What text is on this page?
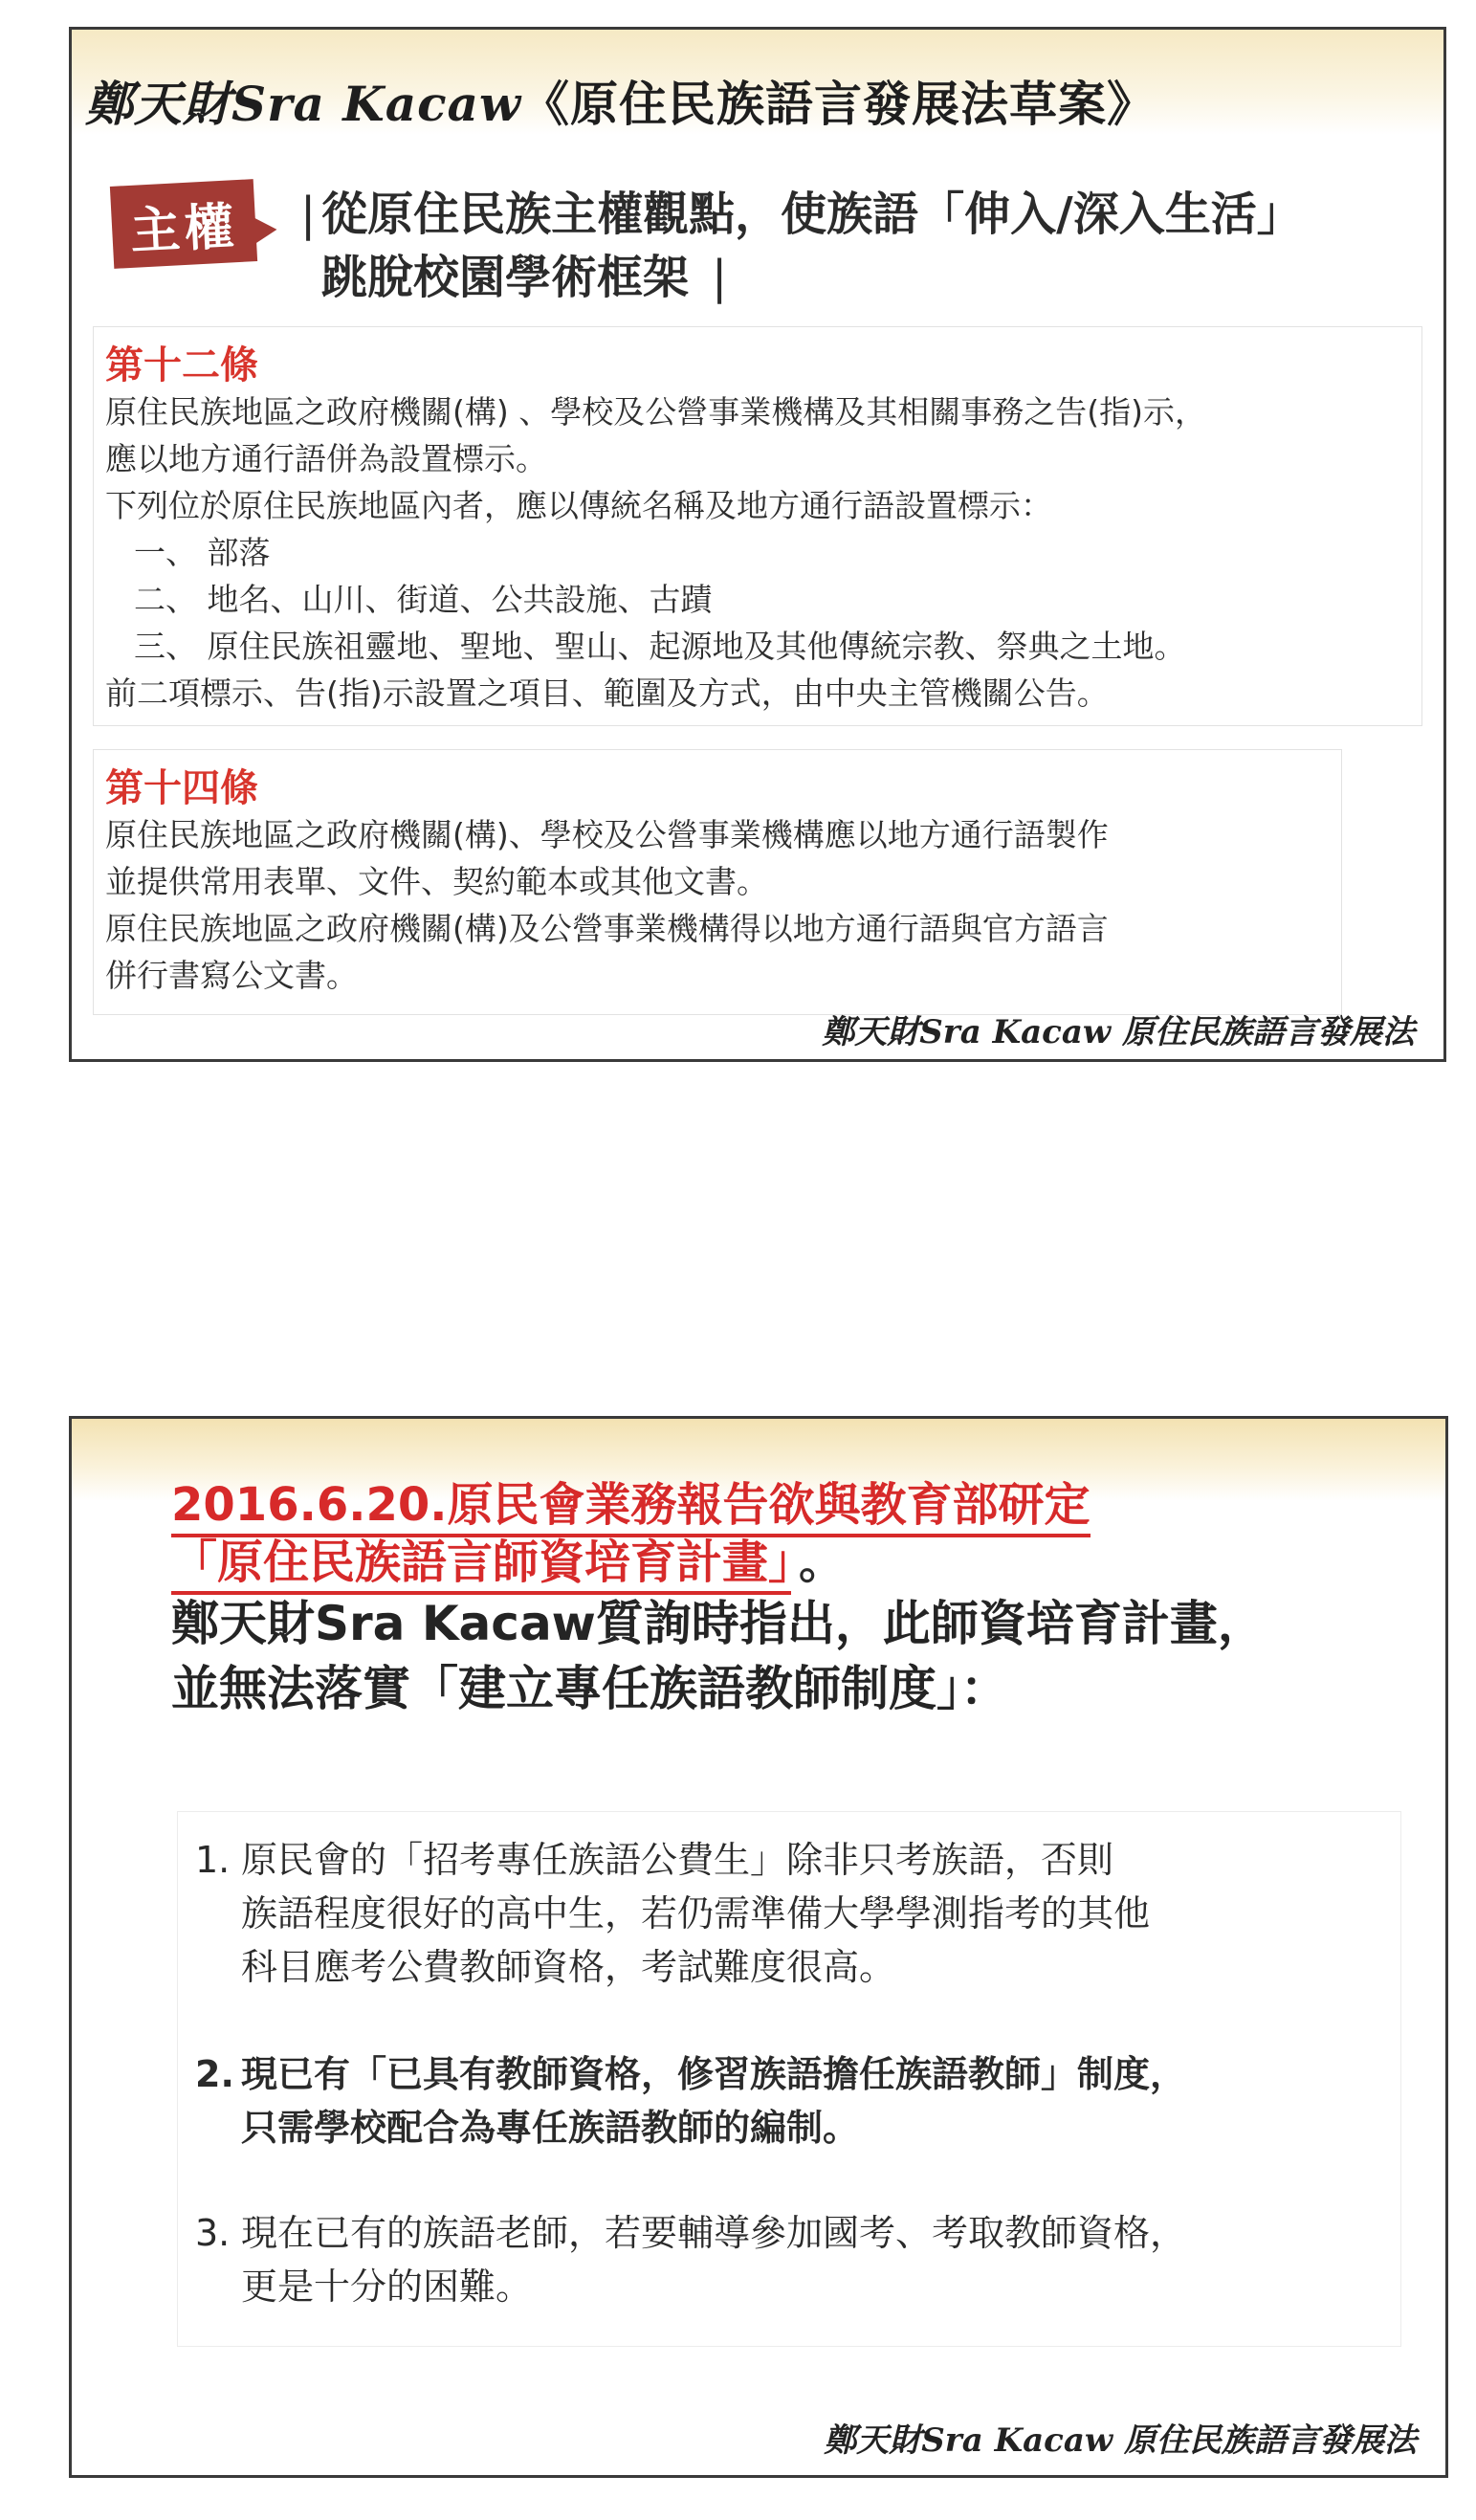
鄭天財Sra Kacaw《原住民族語言發展法草案》
主權	| 從原住民族主權觀點，使族語「伸入/深入生活」
跳脫校園學術框架 |
第十二條
原住民族地區之政府機關(構) 、學校及公營事業機構及其相關事務之告(指)示，
應以地方通行語併為設置標示。
下列位於原住民族地區內者，應以傳統名稱及地方通行語設置標示：
一、 部落
二、 地名、山川、街道、公共設施、古蹟
三、 原住民族祖靈地、聖地、聖山、起源地及其他傳統宗教、祭典之土地。
前二項標示、告(指)示設置之項目、範圍及方式，由中央主管機關公告。
第十四條
原住民族地區之政府機關(構)、學校及公營事業機構應以地方通行語製作
並提供常用表單、文件、契約範本或其他文書。
原住民族地區之政府機關(構)及公營事業機構得以地方通行語與官方語言
併行書寫公文書。
鄭天財Sra Kacaw 原住民族語言發展法
2016.6.20.原民會業務報告欲與教育部研定
「原住民族語言師資培育計畫」 。
鄭天財Sra Kacaw質詢時指出，此師資培育計畫，
並無法落實「建立專任族語教師制度」：
1. 原民會的「招考專任族語公費生」除非只考族語，否則
族語程度很好的高中生，若仍需準備大學學測指考的其他
科目應考公費教師資格，考試難度很高。
2. 現已有「已具有教師資格，修習族語擔任族語教師」制度，
只需學校配合為專任族語教師的編制。
3. 現在已有的族語老師，若要輔導參加國考、考取教師資格，
更是十分的困難。
鄭天財Sra Kacaw 原住民族語言發展法
